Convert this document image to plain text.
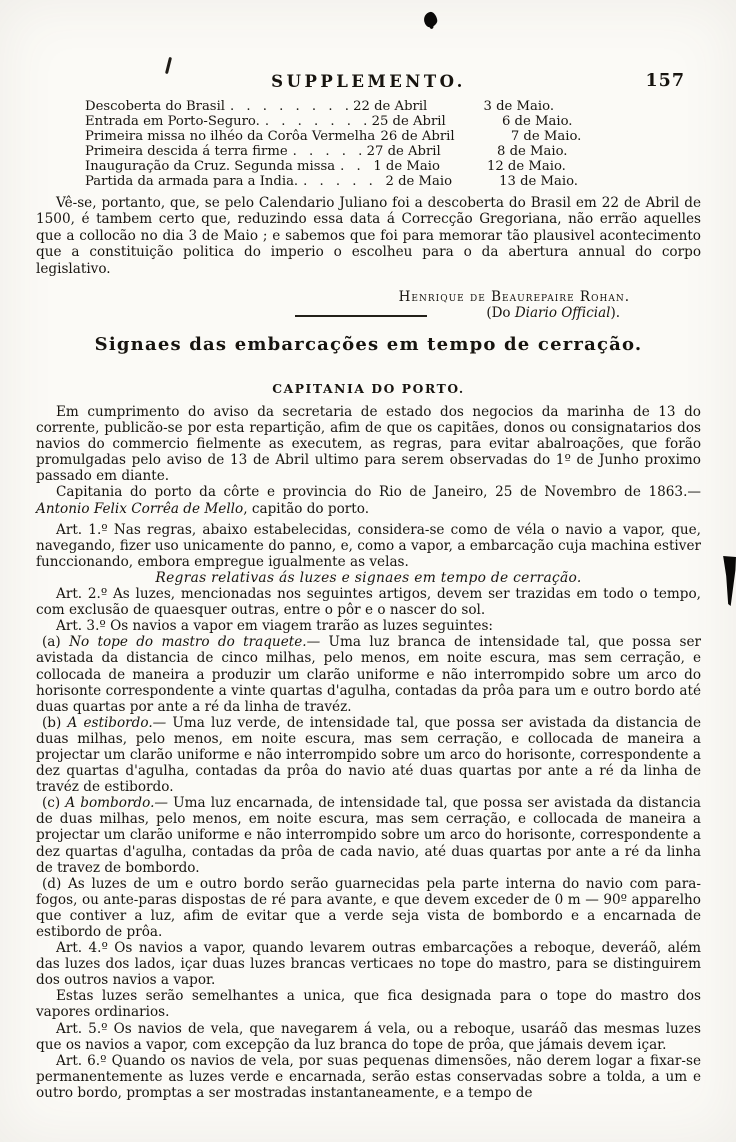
SUPPLEMENTO.	157
Descoberta do Brasil . . . . . . . . 22 de Abril	3 de Maio.
Entrada em Porto-Seguro. . . . . . . . 25 de Abril	6 de Maio.
Primeira missa no ilhéo da Corôa Vermelha 26 de Abril	7 de Maio.
Primeira descida á terra firme . . . . . 27 de Abril	8 de Maio.
Inauguração da Cruz. Segunda missa . . 1 de Maio	12 de Maio.
Partida da armada para a India. . . . . . 2 de Maio	13 de Maio.
Vê-se, portanto, que, se pelo Calendario Juliano foi a descoberta do Brasil em 22 de Abril de 1500, é tambem certo que, reduzindo essa data á Correcção Gregoriana, não errão aquelles que a collocão no dia 3 de Maio ; e sabemos que foi para memorar tão plausivel acontecimento que a constituição politica do imperio o escolheu para o da abertura annual do corpo legislativo.
Henrique de Beaurepaire Rohan.
(Do Diario Official).
Signaes das embarcações em tempo de cerração.
CAPITANIA DO PORTO.

Em cumprimento do aviso da secretaria de estado dos negocios da marinha de 13 do corrente, publicão-se por esta repartição, afim de que os capitães, donos ou consignatarios dos navios do commercio fielmente as executem, as regras, para evitar abalroações, que forão promulgadas pelo aviso de 13 de Abril ultimo para serem observadas do 1º de Junho proximo passado em diante.

Capitania do porto da côrte e provincia do Rio de Janeiro, 25 de Novembro de 1863.— Antonio Felix Corrêa de Mello, capitão do porto.

Art. 1.º Nas regras, abaixo estabelecidas, considera-se como de véla o navio a vapor, que, navegando, fizer uso unicamente do panno, e, como a vapor, a embarcação cuja machina estiver funccionando, embora empregue igualmente as velas.

Regras relativas ás luzes e signaes em tempo de cerração.

Art. 2.º As luzes, mencionadas nos seguintes artigos, devem ser trazidas em todo o tempo, com exclusão de quaesquer outras, entre o pôr e o nascer do sol.

Art. 3.º Os navios a vapor em viagem trarão as luzes seguintes:

(a) No tope do mastro do traquete.— Uma luz branca de intensidade tal, que possa ser avistada da distancia de cinco milhas, pelo menos, em noite escura, mas sem cerração, e collocada de maneira a produzir um clarão uniforme e não interrompido sobre um arco do horisonte correspondente a vinte quartas d'agulha, contadas da prôa para um e outro bordo até duas quartas por ante a ré da linha de travéz.

(b) A estibordo.— Uma luz verde, de intensidade tal, que possa ser avistada da distancia de duas milhas, pelo menos, em noite escura, mas sem cerração, e collocada de maneira a projectar um clarão uniforme e não interrompido sobre um arco do horisonte, correspondente a dez quartas d'agulha, contadas da prôa do navio até duas quartas por ante a ré da linha de travéz de estibordo.

(c) A bombordo.— Uma luz encarnada, de intensidade tal, que possa ser avistada da distancia de duas milhas, pelo menos, em noite escura, mas sem cerração, e collocada de maneira a projectar um clarão uniforme e não interrompido sobre um arco do horisonte, correspondente a dez quartas d'agulha, contadas da prôa de cada navio, até duas quartas por ante a ré da linha de travez de bombordo.

(d) As luzes de um e outro bordo serão guarnecidas pela parte interna do navio com para-fogos, ou ante-paras dispostas de ré para avante, e que devem exceder de 0 m — 90º apparelho que contiver a luz, afim de evitar que a verde seja vista de bombordo e a encarnada de estibordo de prôa.

Art. 4.º Os navios a vapor, quando levarem outras embarcações a reboque, deveráõ, além das luzes dos lados, içar duas luzes brancas verticaes no tope do mastro, para se distinguirem dos outros navios a vapor.

Estas luzes serão semelhantes a unica, que fica designada para o tope do mastro dos vapores ordinarios.

Art. 5.º Os navios de vela, que navegarem á vela, ou a reboque, usaráõ das mesmas luzes que os navios a vapor, com excepção da luz branca do tope de prôa, que jámais devem içar.

Art. 6.º Quando os navios de vela, por suas pequenas dimensões, não derem logar a fixar-se permanentemente as luzes verde e encarnada, serão estas conservadas sobre a tolda, a um e outro bordo, promptas a ser mostradas instantaneamente, e a tempo de
